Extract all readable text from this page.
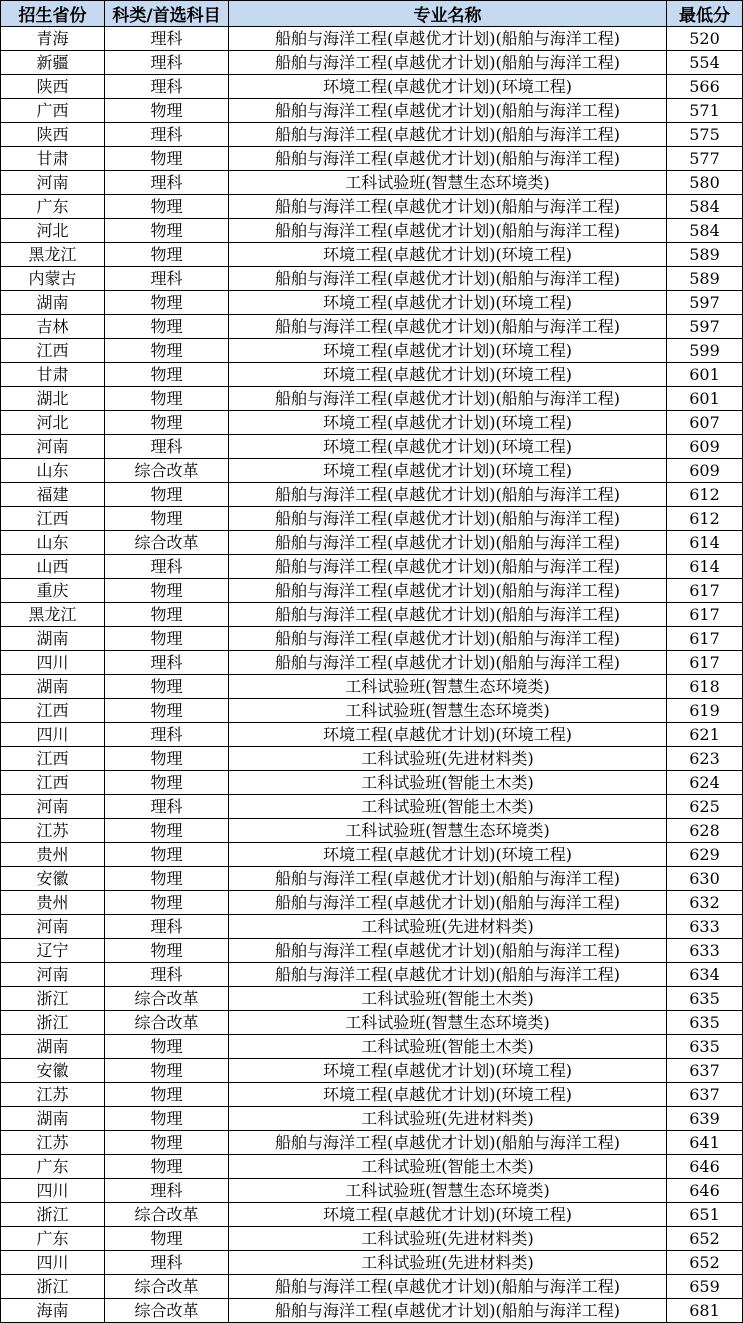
招生省份	科类/首选科目	专业名称	最低分
青海	理科	船舶与海洋工程(卓越优才计划)(船舶与海洋工程)	520
新疆	理科	船舶与海洋工程(卓越优才计划)(船舶与海洋工程)	554
陕西	理科	环境工程(卓越优才计划)(环境工程)	566
广西	物理	船舶与海洋工程(卓越优才计划)(船舶与海洋工程)	571
陕西	理科	船舶与海洋工程(卓越优才计划)(船舶与海洋工程)	575
甘肃	物理	船舶与海洋工程(卓越优才计划)(船舶与海洋工程)	577
河南	理科	工科试验班(智慧生态环境类)	580
广东	物理	船舶与海洋工程(卓越优才计划)(船舶与海洋工程)	584
河北	物理	船舶与海洋工程(卓越优才计划)(船舶与海洋工程)	584
黑龙江	物理	环境工程(卓越优才计划)(环境工程)	589
内蒙古	理科	船舶与海洋工程(卓越优才计划)(船舶与海洋工程)	589
湖南	物理	环境工程(卓越优才计划)(环境工程)	597
吉林	物理	船舶与海洋工程(卓越优才计划)(船舶与海洋工程)	597
江西	物理	环境工程(卓越优才计划)(环境工程)	599
甘肃	物理	环境工程(卓越优才计划)(环境工程)	601
湖北	物理	船舶与海洋工程(卓越优才计划)(船舶与海洋工程)	601
河北	物理	环境工程(卓越优才计划)(环境工程)	607
河南	理科	环境工程(卓越优才计划)(环境工程)	609
山东	综合改革	环境工程(卓越优才计划)(环境工程)	609
福建	物理	船舶与海洋工程(卓越优才计划)(船舶与海洋工程)	612
江西	物理	船舶与海洋工程(卓越优才计划)(船舶与海洋工程)	612
山东	综合改革	船舶与海洋工程(卓越优才计划)(船舶与海洋工程)	614
山西	理科	船舶与海洋工程(卓越优才计划)(船舶与海洋工程)	614
重庆	物理	船舶与海洋工程(卓越优才计划)(船舶与海洋工程)	617
黑龙江	物理	船舶与海洋工程(卓越优才计划)(船舶与海洋工程)	617
湖南	物理	船舶与海洋工程(卓越优才计划)(船舶与海洋工程)	617
四川	理科	船舶与海洋工程(卓越优才计划)(船舶与海洋工程)	617
湖南	物理	工科试验班(智慧生态环境类)	618
江西	物理	工科试验班(智慧生态环境类)	619
四川	理科	环境工程(卓越优才计划)(环境工程)	621
江西	物理	工科试验班(先进材料类)	623
江西	物理	工科试验班(智能土木类)	624
河南	理科	工科试验班(智能土木类)	625
江苏	物理	工科试验班(智慧生态环境类)	628
贵州	物理	环境工程(卓越优才计划)(环境工程)	629
安徽	物理	船舶与海洋工程(卓越优才计划)(船舶与海洋工程)	630
贵州	物理	船舶与海洋工程(卓越优才计划)(船舶与海洋工程)	632
河南	理科	工科试验班(先进材料类)	633
辽宁	物理	船舶与海洋工程(卓越优才计划)(船舶与海洋工程)	633
河南	理科	船舶与海洋工程(卓越优才计划)(船舶与海洋工程)	634
浙江	综合改革	工科试验班(智能土木类)	635
浙江	综合改革	工科试验班(智慧生态环境类)	635
湖南	物理	工科试验班(智能土木类)	635
安徽	物理	环境工程(卓越优才计划)(环境工程)	637
江苏	物理	环境工程(卓越优才计划)(环境工程)	637
湖南	物理	工科试验班(先进材料类)	639
江苏	物理	船舶与海洋工程(卓越优才计划)(船舶与海洋工程)	641
广东	物理	工科试验班(智能土木类)	646
四川	理科	工科试验班(智慧生态环境类)	646
浙江	综合改革	环境工程(卓越优才计划)(环境工程)	651
广东	物理	工科试验班(先进材料类)	652
四川	理科	工科试验班(先进材料类)	652
浙江	综合改革	船舶与海洋工程(卓越优才计划)(船舶与海洋工程)	659
海南	综合改革	船舶与海洋工程(卓越优才计划)(船舶与海洋工程)	681
